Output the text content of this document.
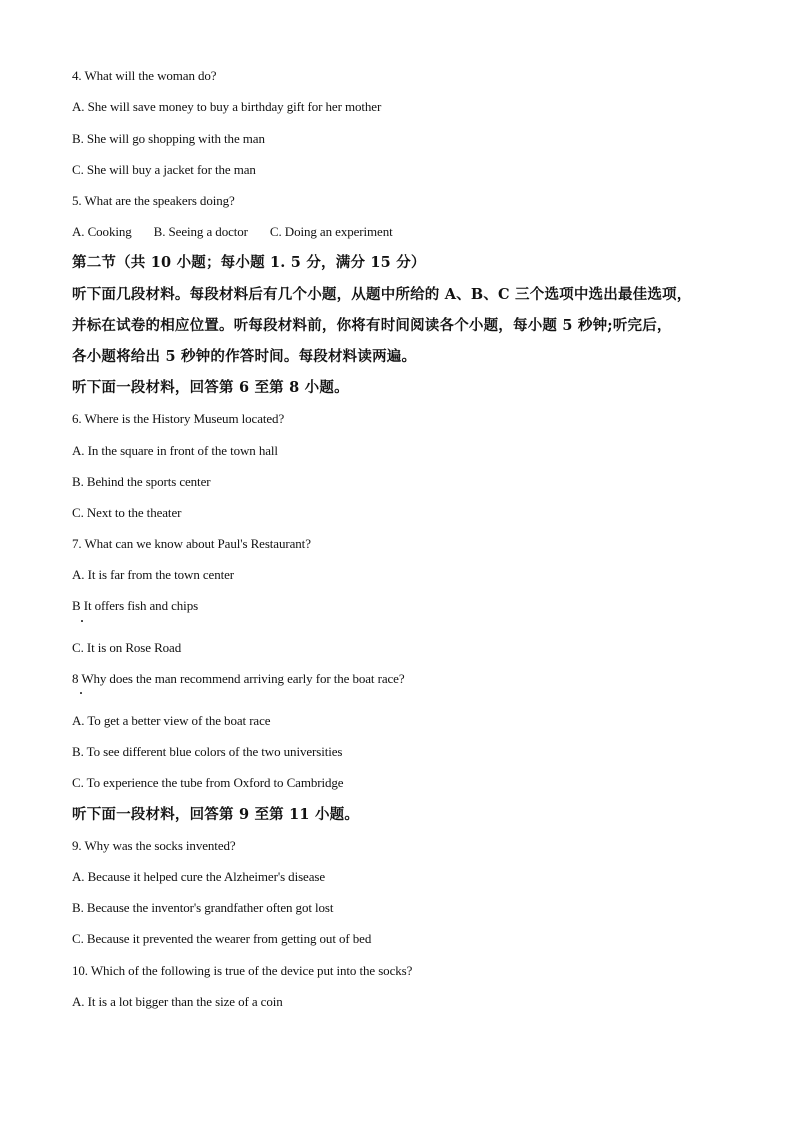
4. What will the woman do?
A. She will save money to buy a birthday gift for her mother
B. She will go shopping with the man
C. She will buy a jacket for the man
5. What are the speakers doing?
A. Cooking B. Seeing a doctor C. Doing an experiment
第二节（共 10 小题；每小题 1. 5 分，满分 15 分）
听下面几段材料。每段材料后有几个小题，从题中所给的 A、B、C 三个选项中选出最佳选项，
并标在试卷的相应位置。听每段材料前，你将有时间阅读各个小题，每小题 5 秒钟;听完后，
各小题将给出 5 秒钟的作答时间。每段材料读两遍。
听下面一段材料，回答第 6 至第 8 小题。
6. Where is the History Museum located?
A. In the square in front of the town hall
B. Behind the sports center
C. Next to the theater
7. What can we know about Paul's Restaurant?
A. It is far from the town center
B It offers fish and chips
C. It is on Rose Road
8 Why does the man recommend arriving early for the boat race?
A. To get a better view of the boat race
B. To see different blue colors of the two universities
C. To experience the tube from Oxford to Cambridge
听下面一段材料，回答第 9 至第 11 小题。
9. Why was the socks invented?
A. Because it helped cure the Alzheimer's disease
B. Because the inventor's grandfather often got lost
C. Because it prevented the wearer from getting out of bed
10. Which of the following is true of the device put into the socks?
A. It is a lot bigger than the size of a coin
